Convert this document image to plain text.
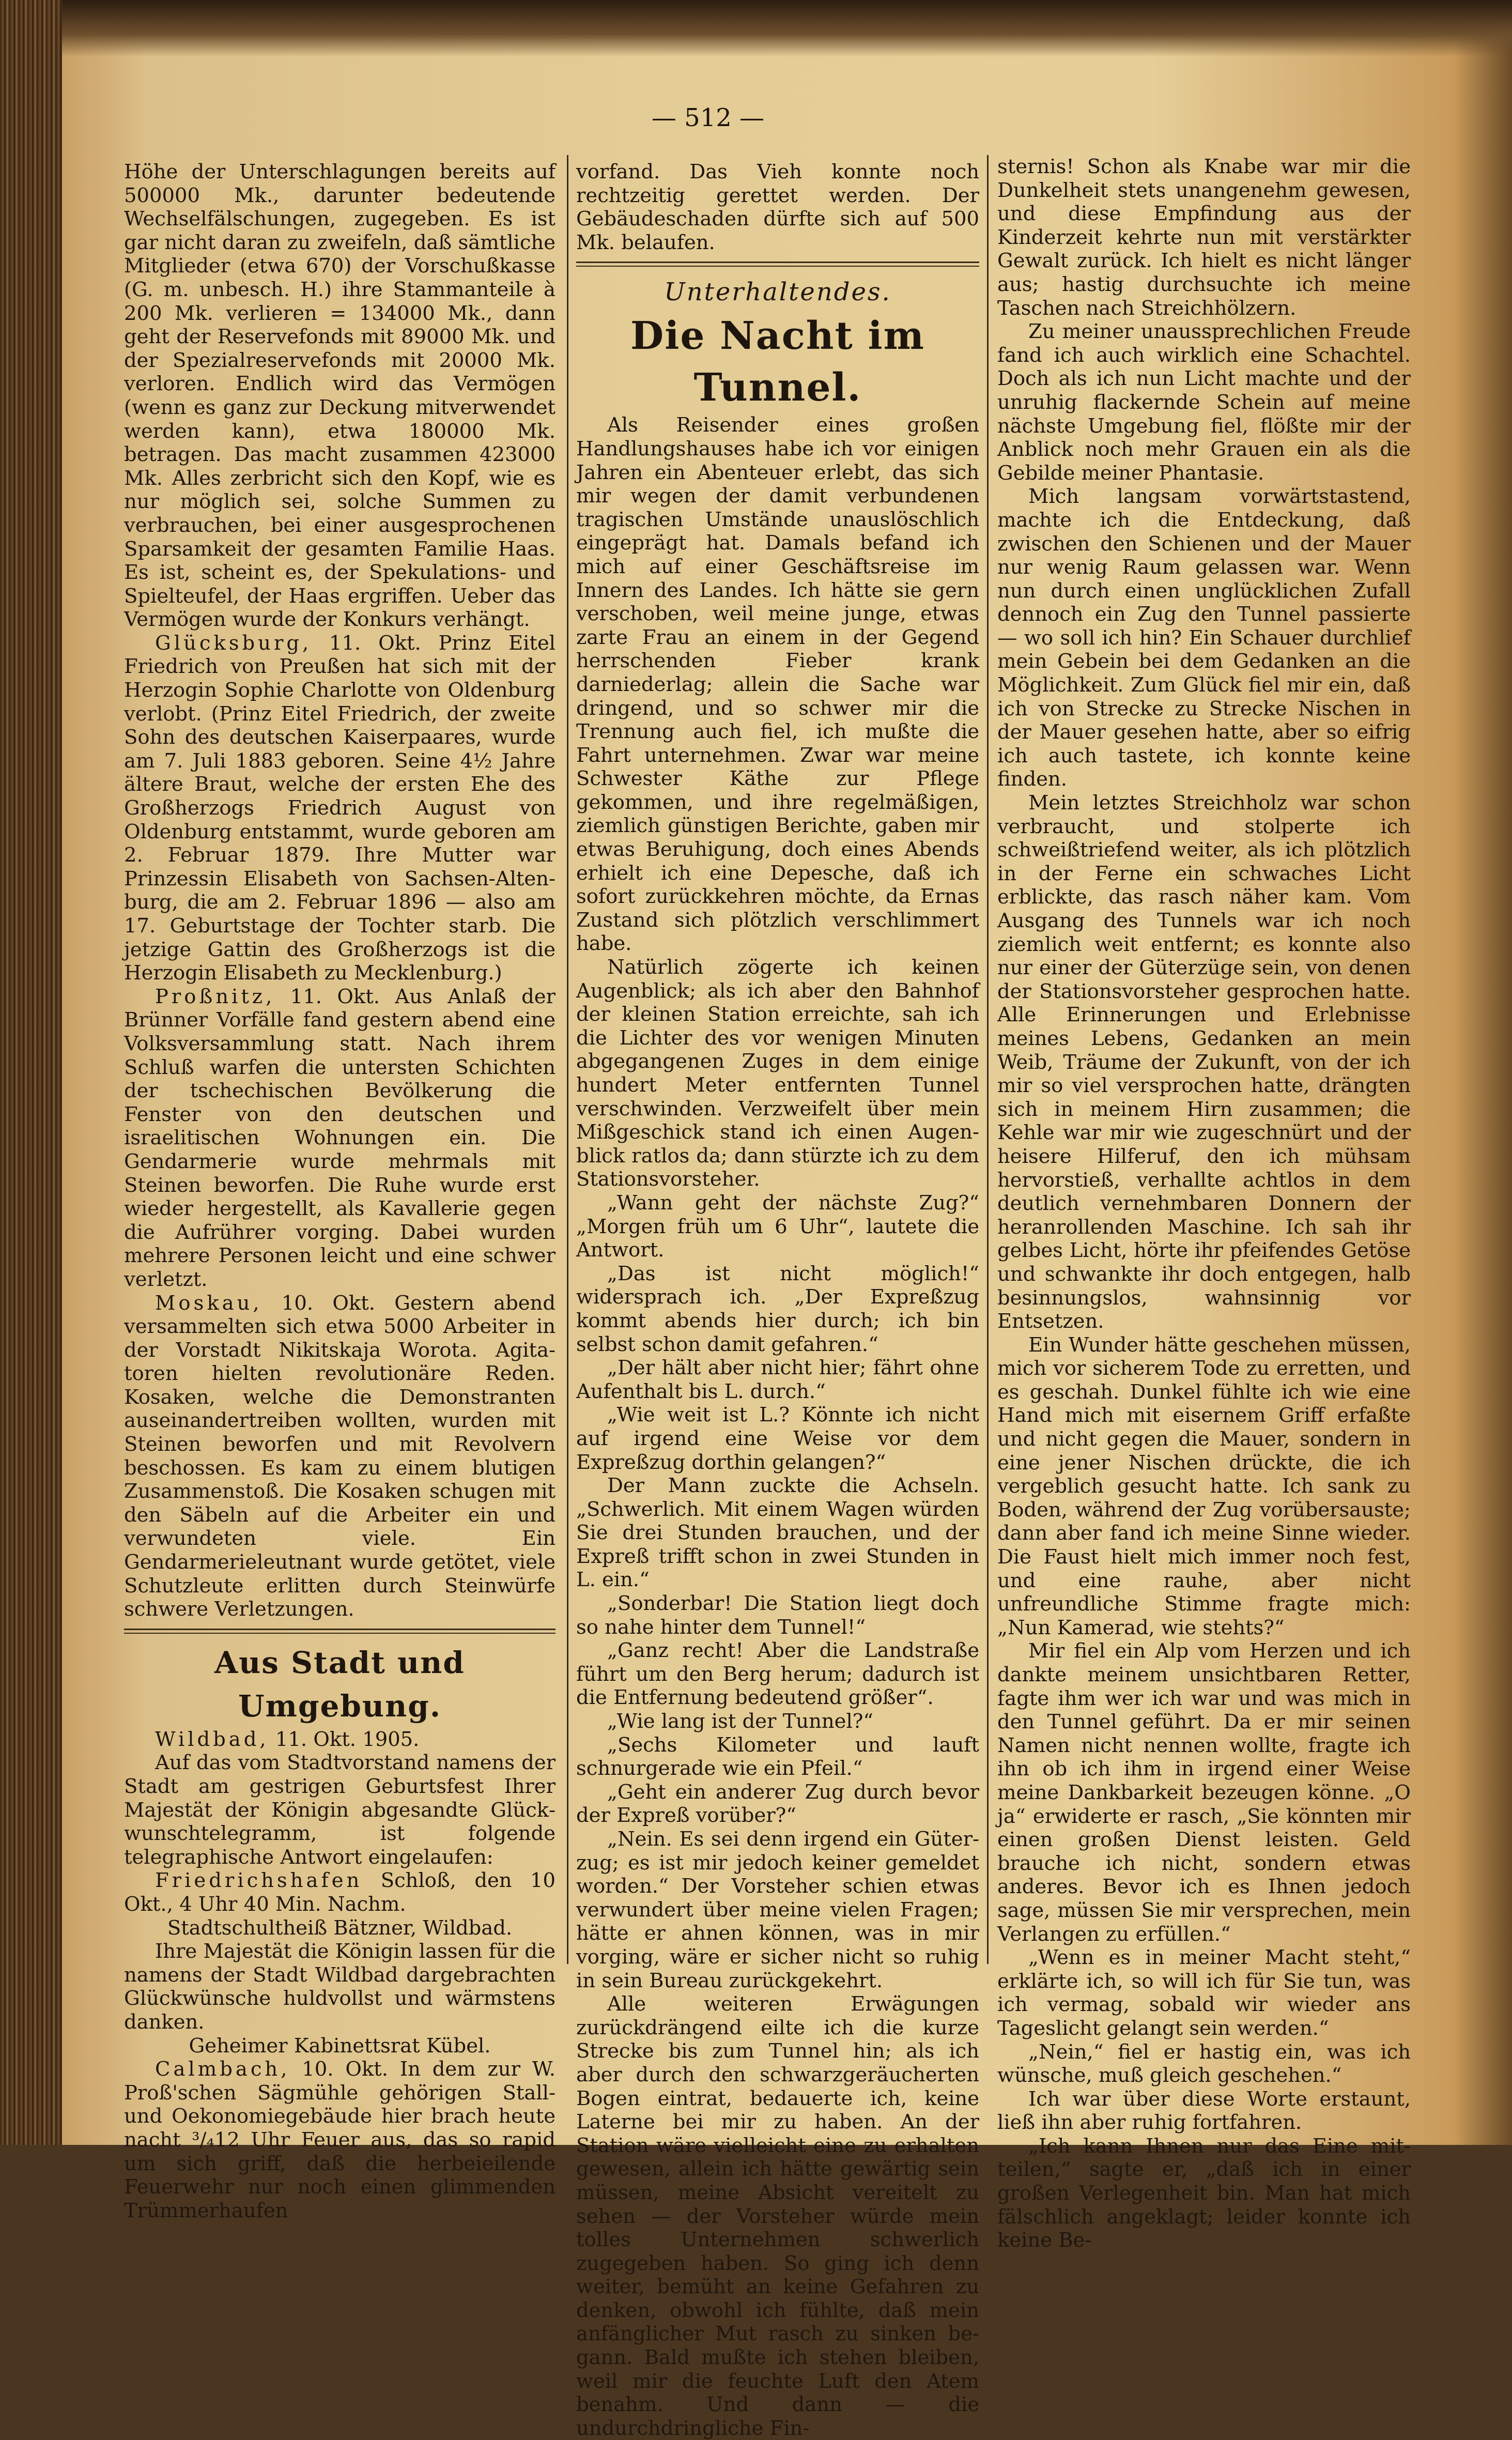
— 512 —

Höhe der Unterschlagungen bereits auf 500000 Mk., darunter bedeutende Wechselfälschungen, zugegeben. Es ist gar nicht daran zu zweifeln, daß sämtliche Mitglieder (etwa 670) der Vorschußkasse (G. m. unbesch. H.) ihre Stammanteile à 200 Mk. verlieren = 134000 Mk., dann geht der Reservefonds mit 89000 Mk. und der Spezialreservefonds mit 20000 Mk. verloren. Endlich wird das Vermögen (wenn es ganz zur Deckung mitverwendet werden kann), etwa 180000 Mk. betragen. Das macht zusammen 423000 Mk. Alles zerbricht sich den Kopf, wie es nur möglich sei, solche Summen zu verbrauchen, bei einer ausgesprochenen Sparsamkeit der gesamten Familie Haas. Es ist, scheint es, der Spekulations- und Spielteufel, der Haas ergriffen. Ueber das Vermögen wurde der Konkurs verhängt.

Glücksburg, 11. Okt. Prinz Eitel Friedrich von Preußen hat sich mit der Herzogin Sophie Charlotte von Oldenburg verlobt. (Prinz Eitel Friedrich, der zweite Sohn des deutschen Kaiserpaares, wurde am 7. Juli 1883 geboren. Seine 4½ Jahre ältere Braut, welche der ersten Ehe des Großherzogs Friedrich August von Oldenburg entstammt, wurde geboren am 2. Februar 1879. Ihre Mutter war Prinzessin Elisabeth von Sachsen-Altenburg, die am 2. Februar 1896 — also am 17. Geburtstage der Tochter starb. Die jetzige Gattin des Großherzogs ist die Herzogin Elisabeth zu Mecklenburg.)

Proßnitz, 11. Okt. Aus Anlaß der Brünner Vorfälle fand gestern abend eine Volksversammlung statt. Nach ihrem Schluß warfen die untersten Schichten der tschechischen Bevölkerung die Fenster von den deutschen und israelitischen Wohnungen ein. Die Gendarmerie wurde mehrmals mit Steinen beworfen. Die Ruhe wurde erst wieder hergestellt, als Kavallerie gegen die Aufrührer vorging. Dabei wurden mehrere Personen leicht und eine schwer verletzt.

Moskau, 10. Okt. Gestern abend versammelten sich etwa 5000 Arbeiter in der Vorstadt Nikitskaja Worota. Agitatoren hielten revolutionäre Reden. Kosaken, welche die Demonstranten auseinandertreiben wollten, wurden mit Steinen beworfen und mit Revolvern beschossen. Es kam zu einem blutigen Zusammenstoß. Die Kosaken schugen mit den Säbeln auf die Arbeiter ein und verwundeten viele. Ein Gendarmerieleutnant wurde getötet, viele Schutzleute erlitten durch Steinwürfe schwere Verletzungen.

Aus Stadt und Umgebung.

Wildbad, 11. Okt. 1905.

Auf das vom Stadtvorstand namens der Stadt am gestrigen Geburtsfest Ihrer Majestät der Königin abgesandte Glückwunschtelegramm, ist folgende telegraphische Antwort eingelaufen:

Friedrichshafen Schloß, den 10 Okt., 4 Uhr 40 Min. Nachm.

Stadtschultheiß Bätzner, Wildbad.

Ihre Majestät die Königin lassen für die namens der Stadt Wildbad dargebrachten Glückwünsche huldvollst und wärmstens danken.

Geheimer Kabinettsrat Kübel.

Calmbach, 10. Okt. In dem zur W. Proß'schen Sägmühle gehörigen Stall- und Oekonomiegebäude hier brach heute nacht ³/₄12 Uhr Feuer aus, das so rapid um sich griff, daß die herbeieilende Feuerwehr nur noch einen glimmenden Trümmerhaufen

vorfand. Das Vieh konnte noch rechtzeitig gerettet werden. Der Gebäudeschaden dürfte sich auf 500 Mk. belaufen.

Unterhaltendes.
Die Nacht im Tunnel.

Als Reisender eines großen Handlungshauses habe ich vor einigen Jahren ein Abenteuer erlebt, das sich mir wegen der damit verbundenen tragischen Umstände unauslöschlich eingeprägt hat. Damals befand ich mich auf einer Geschäftsreise im Innern des Landes. Ich hätte sie gern verschoben, weil meine junge, etwas zarte Frau an einem in der Gegend herrschenden Fieber krank darniederlag; allein die Sache war dringend, und so schwer mir die Trennung auch fiel, ich mußte die Fahrt unternehmen. Zwar war meine Schwester Käthe zur Pflege gekommen, und ihre regelmäßigen, ziemlich günstigen Berichte, gaben mir etwas Beruhigung, doch eines Abends erhielt ich eine Depesche, daß ich sofort zurückkehren möchte, da Ernas Zustand sich plötzlich verschlimmert habe.

Natürlich zögerte ich keinen Augenblick; als ich aber den Bahnhof der kleinen Station erreichte, sah ich die Lichter des vor wenigen Minuten abgegangenen Zuges in dem einige hundert Meter entfernten Tunnel verschwinden. Verzweifelt über mein Mißgeschick stand ich einen Augenblick ratlos da; dann stürzte ich zu dem Stationsvorsteher.

„Wann geht der nächste Zug?“ „Morgen früh um 6 Uhr“, lautete die Antwort.

„Das ist nicht möglich!“ widersprach ich. „Der Expreßzug kommt abends hier durch; ich bin selbst schon damit gefahren.“

„Der hält aber nicht hier; fährt ohne Aufenthalt bis L. durch.“

„Wie weit ist L.? Könnte ich nicht auf irgend eine Weise vor dem Expreßzug dorthin gelangen?“

Der Mann zuckte die Achseln. „Schwerlich. Mit einem Wagen würden Sie drei Stunden brauchen, und der Expreß trifft schon in zwei Stunden in L. ein.“

„Sonderbar! Die Station liegt doch so nahe hinter dem Tunnel!“

„Ganz recht! Aber die Landstraße führt um den Berg herum; dadurch ist die Entfernung bedeutend größer“.

„Wie lang ist der Tunnel?“

„Sechs Kilometer und lauft schnurgerade wie ein Pfeil.“

„Geht ein anderer Zug durch bevor der Expreß vorüber?“

„Nein. Es sei denn irgend ein Güterzug; es ist mir jedoch keiner gemeldet worden.“ Der Vorsteher schien etwas verwundert über meine vielen Fragen; hätte er ahnen können, was in mir vorging, wäre er sicher nicht so ruhig in sein Bureau zurückgekehrt.

Alle weiteren Erwägungen zurückdrängend eilte ich die kurze Strecke bis zum Tunnel hin; als ich aber durch den schwarzgeräucherten Bogen eintrat, bedauerte ich, keine Laterne bei mir zu haben. An der Station wäre vielleicht eine zu erhalten gewesen, allein ich hätte gewärtig sein müssen, meine Absicht vereitelt zu sehen — der Vorsteher würde mein tolles Unternehmen schwerlich zugegeben haben. So ging ich denn weiter, bemüht an keine Gefahren zu denken, obwohl ich fühlte, daß mein anfänglicher Mut rasch zu sinken begann. Bald mußte ich stehen bleiben, weil mir die feuchte Luft den Atem benahm. Und dann — die undurchdringliche Fin-

sternis! Schon als Knabe war mir die Dunkelheit stets unangenehm gewesen, und diese Empfindung aus der Kinderzeit kehrte nun mit verstärkter Gewalt zurück. Ich hielt es nicht länger aus; hastig durchsuchte ich meine Taschen nach Streichhölzern.

Zu meiner unaussprechlichen Freude fand ich auch wirklich eine Schachtel. Doch als ich nun Licht machte und der unruhig flackernde Schein auf meine nächste Umgebung fiel, flößte mir der Anblick noch mehr Grauen ein als die Gebilde meiner Phantasie.

Mich langsam vorwärtstastend, machte ich die Entdeckung, daß zwischen den Schienen und der Mauer nur wenig Raum gelassen war. Wenn nun durch einen unglücklichen Zufall dennoch ein Zug den Tunnel passierte — wo soll ich hin? Ein Schauer durchlief mein Gebein bei dem Gedanken an die Möglichkeit. Zum Glück fiel mir ein, daß ich von Strecke zu Strecke Nischen in der Mauer gesehen hatte, aber so eifrig ich auch tastete, ich konnte keine finden.

Mein letztes Streichholz war schon verbraucht, und stolperte ich schweißtriefend weiter, als ich plötzlich in der Ferne ein schwaches Licht erblickte, das rasch näher kam. Vom Ausgang des Tunnels war ich noch ziemlich weit entfernt; es konnte also nur einer der Güterzüge sein, von denen der Stationsvorsteher gesprochen hatte. Alle Erinnerungen und Erlebnisse meines Lebens, Gedanken an mein Weib, Träume der Zukunft, von der ich mir so viel versprochen hatte, drängten sich in meinem Hirn zusammen; die Kehle war mir wie zugeschnürt und der heisere Hilferuf, den ich mühsam hervorstieß, verhallte achtlos in dem deutlich vernehmbaren Donnern der heranrollenden Maschine. Ich sah ihr gelbes Licht, hörte ihr pfeifendes Getöse und schwankte ihr doch entgegen, halb besinnungslos, wahnsinnig vor Entsetzen.

Ein Wunder hätte geschehen müssen, mich vor sicherem Tode zu erretten, und es geschah. Dunkel fühlte ich wie eine Hand mich mit eisernem Griff erfaßte und nicht gegen die Mauer, sondern in eine jener Nischen drückte, die ich vergeblich gesucht hatte. Ich sank zu Boden, während der Zug vorübersauste; dann aber fand ich meine Sinne wieder. Die Faust hielt mich immer noch fest, und eine rauhe, aber nicht unfreundliche Stimme fragte mich: „Nun Kamerad, wie stehts?“

Mir fiel ein Alp vom Herzen und ich dankte meinem unsichtbaren Retter, fagte ihm wer ich war und was mich in den Tunnel geführt. Da er mir seinen Namen nicht nennen wollte, fragte ich ihn ob ich ihm in irgend einer Weise meine Dankbarkeit bezeugen könne. „O ja“ erwiderte er rasch, „Sie könnten mir einen großen Dienst leisten. Geld brauche ich nicht, sondern etwas anderes. Bevor ich es Ihnen jedoch sage, müssen Sie mir versprechen, mein Verlangen zu erfüllen.“

„Wenn es in meiner Macht steht,“ erklärte ich, so will ich für Sie tun, was ich vermag, sobald wir wieder ans Tageslicht gelangt sein werden.“

„Nein,“ fiel er hastig ein, was ich wünsche, muß gleich geschehen.“

Ich war über diese Worte erstaunt, ließ ihn aber ruhig fortfahren.

„Ich kann Ihnen nur das Eine mitteilen,“ sagte er, „daß ich in einer großen Verlegenheit bin. Man hat mich fälschlich angeklagt; leider konnte ich keine Be-
